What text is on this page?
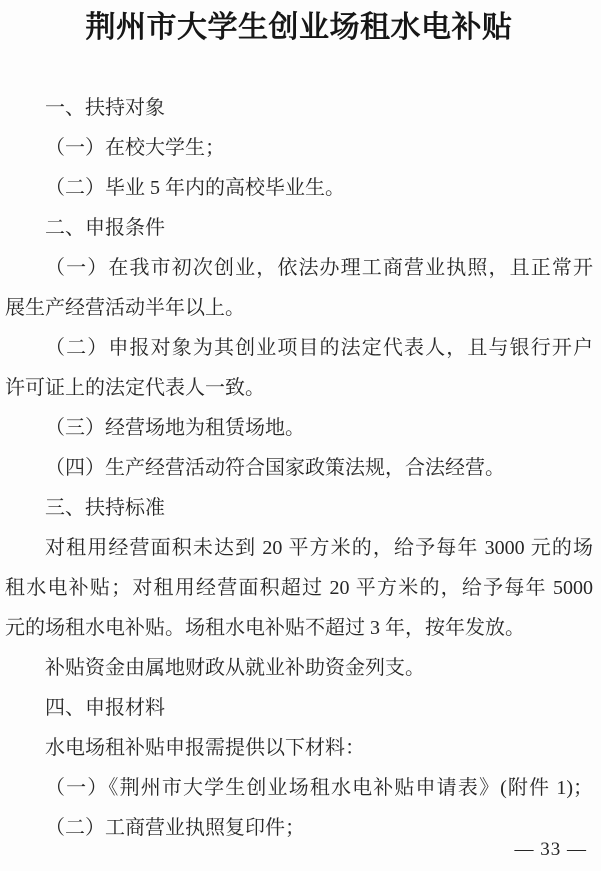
荆州市大学生创业场租水电补贴
一、扶持对象
（一）在校大学生；
（二）毕业 5 年内的高校毕业生。
二、申报条件
（一）在我市初次创业，依法办理工商营业执照，且正常开
展生产经营活动半年以上。
（二）申报对象为其创业项目的法定代表人，且与银行开户
许可证上的法定代表人一致。
（三）经营场地为租赁场地。
（四）生产经营活动符合国家政策法规，合法经营。
三、扶持标准
对租用经营面积未达到 20 平方米的，给予每年 3000 元的场
租水电补贴；对租用经营面积超过 20 平方米的，给予每年 5000
元的场租水电补贴。场租水电补贴不超过 3 年，按年发放。
补贴资金由属地财政从就业补助资金列支。
四、申报材料
水电场租补贴申报需提供以下材料：
（一）《荆州市大学生创业场租水电补贴申请表》(附件 1)；
（二）工商营业执照复印件；
— 33 —
